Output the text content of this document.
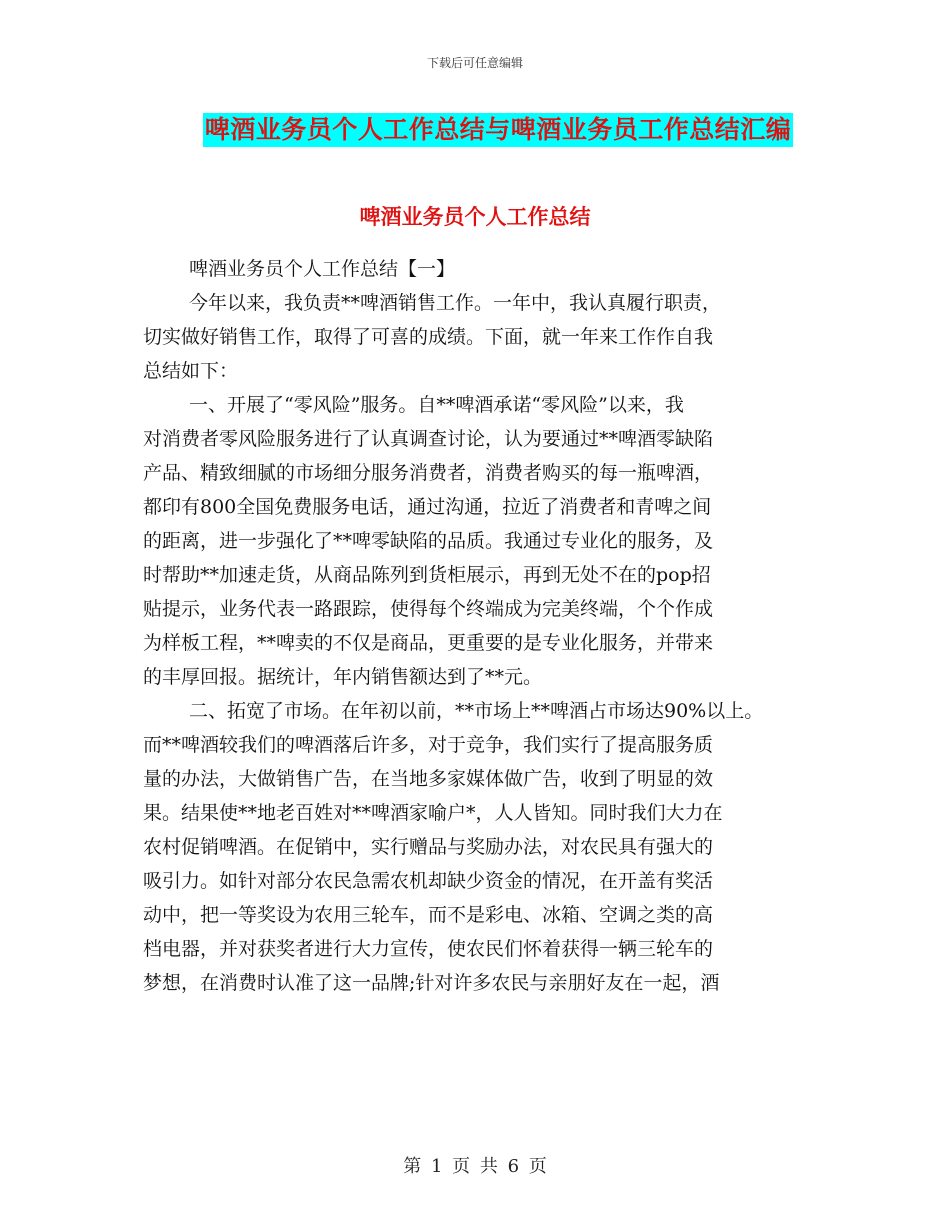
下载后可任意编辑
啤酒业务员个人工作总结与啤酒业务员工作总结汇编
啤酒业务员个人工作总结
啤酒业务员个人工作总结【一】
今年以来，我负责**啤酒销售工作。一年中，我认真履行职责，
切实做好销售工作，取得了可喜的成绩。下面，就一年来工作作自我
总结如下：
一、开展了“零风险”服务。自**啤酒承诺“零风险”以来，我
对消费者零风险服务进行了认真调查讨论，认为要通过**啤酒零缺陷
产品、精致细腻的市场细分服务消费者，消费者购买的每一瓶啤酒，
都印有800全国免费服务电话，通过沟通，拉近了消费者和青啤之间
的距离，进一步强化了**啤零缺陷的品质。我通过专业化的服务，及
时帮助**加速走货，从商品陈列到货柜展示，再到无处不在的pop招
贴提示，业务代表一路跟踪，使得每个终端成为完美终端，个个作成
为样板工程，**啤卖的不仅是商品，更重要的是专业化服务，并带来
的丰厚回报。据统计，年内销售额达到了**元。
二、拓宽了市场。在年初以前，**市场上**啤酒占市场达90%以上。
而**啤酒较我们的啤酒落后许多，对于竞争，我们实行了提高服务质
量的办法，大做销售广告，在当地多家媒体做广告，收到了明显的效
果。结果使**地老百姓对**啤酒家喻户*，人人皆知。同时我们大力在
农村促销啤酒。在促销中，实行赠品与奖励办法，对农民具有强大的
吸引力。如针对部分农民急需农机却缺少资金的情况，在开盖有奖活
动中，把一等奖设为农用三轮车，而不是彩电、冰箱、空调之类的高
档电器，并对获奖者进行大力宣传，使农民们怀着获得一辆三轮车的
梦想，在消费时认准了这一品牌;针对许多农民与亲朋好友在一起，酒
第 1 页 共 6 页
